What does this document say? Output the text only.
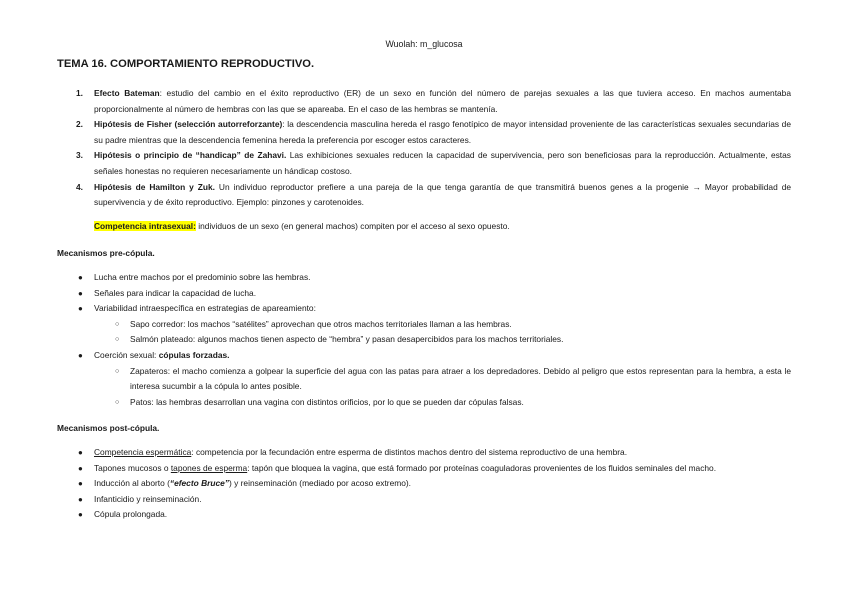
Wuolah: m_glucosa
TEMA 16. COMPORTAMIENTO REPRODUCTIVO.
1. Efecto Bateman: estudio del cambio en el éxito reproductivo (ER) de un sexo en función del número de parejas sexuales a las que tuviera acceso. En machos aumentaba proporcionalmente al número de hembras con las que se apareaba. En el caso de las hembras se mantenía.
2. Hipótesis de Fisher (selección autorreforzante): la descendencia masculina hereda el rasgo fenotípico de mayor intensidad proveniente de las características sexuales secundarias de su padre mientras que la descendencia femenina hereda la preferencia por escoger estos caracteres.
3. Hipótesis o principio de “handicap” de Zahavi. Las exhibiciones sexuales reducen la capacidad de supervivencia, pero son beneficiosas para la reproducción. Actualmente, estas señales honestas no requieren necesariamente un hándicap costoso.
4. Hipótesis de Hamilton y Zuk. Un individuo reproductor prefiere a una pareja de la que tenga garantía de que transmitirá buenos genes a la progenie → Mayor probabilidad de supervivencia y de éxito reproductivo. Ejemplo: pinzones y carotenoides.
Competencia intrasexual: individuos de un sexo (en general machos) compiten por el acceso al sexo opuesto.
Mecanismos pre-cópula.
● Lucha entre machos por el predominio sobre las hembras.
● Señales para indicar la capacidad de lucha.
● Variabilidad intraespecífica en estrategias de apareamiento:
○ Sapo corredor: los machos “satélites” aprovechan que otros machos territoriales llaman a las hembras.
○ Salmón plateado: algunos machos tienen aspecto de “hembra” y pasan desapercibidos para los machos territoriales.
● Coerción sexual: cópulas forzadas.
○ Zapateros: el macho comienza a golpear la superficie del agua con las patas para atraer a los depredadores. Debido al peligro que estos representan para la hembra, a esta le interesa sucumbir a la cópula lo antes posible.
○ Patos: las hembras desarrollan una vagina con distintos orificios, por lo que se pueden dar cópulas falsas.
Mecanismos post-cópula.
● Competencia espermática: competencia por la fecundación entre esperma de distintos machos dentro del sistema reproductivo de una hembra.
● Tapones mucosos o tapones de esperma: tapón que bloquea la vagina, que está formado por proteínas coaguladoras provenientes de los fluidos seminales del macho.
● Inducción al aborto (“efecto Bruce”) y reinseminación (mediado por acoso extremo).
● Infanticidio y reinseminación.
● Cópula prolongada.
